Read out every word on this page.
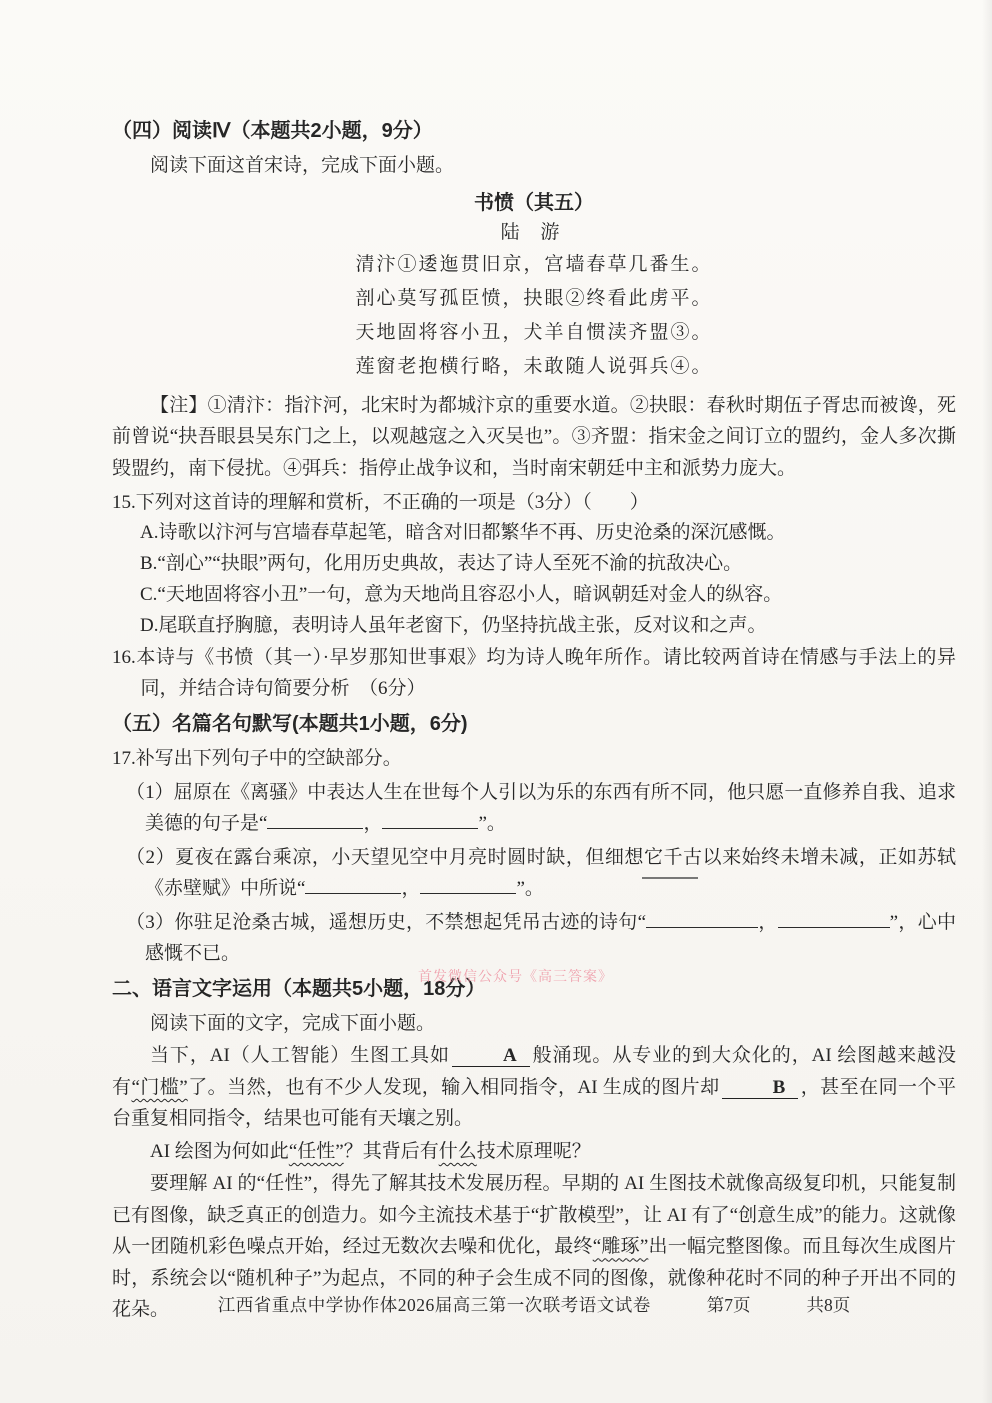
（四）阅读Ⅳ（本题共2小题，9分）

阅读下面这首宋诗，完成下面小题。

书愤（其五）
陆 游
清汴①逶迤贯旧京，宫墙春草几番生。
剖心莫写孤臣愤，抉眼②终看此虏平。
天地固将容小丑，犬羊自惯渎齐盟③。
莲窗老抱横行略，未敢随人说弭兵④。

【注】①清汴：指汴河，北宋时为都城汴京的重要水道。②抉眼：春秋时期伍子胥忠而被谗，死前曾说“抉吾眼县吴东门之上，以观越寇之入灭吴也”。③齐盟：指宋金之间订立的盟约，金人多次撕毁盟约，南下侵扰。④弭兵：指停止战争议和，当时南宋朝廷中主和派势力庞大。

15.下列对这首诗的理解和赏析，不正确的一项是（3分）（　　）

A.诗歌以汴河与宫墙春草起笔，暗含对旧都繁华不再、历史沧桑的深沉感慨。
B.“剖心”“抉眼”两句，化用历史典故，表达了诗人至死不渝的抗敌决心。
C.“天地固将容小丑”一句，意为天地尚且容忍小人，暗讽朝廷对金人的纵容。
D.尾联直抒胸臆，表明诗人虽年老窗下，仍坚持抗战主张，反对议和之声。

16.本诗与《书愤（其一）·早岁那知世事艰》均为诗人晚年所作。请比较两首诗在情感与手法上的异同，并结合诗句简要分析　（6分）

（五）名篇名句默写(本题共1小题，6分)

17.补写出下列句子中的空缺部分。

（1）屈原在《离骚》中表达人生在世每个人引以为乐的东西有所不同，他只愿一直修养自我、追求美德的句子是“	，	”。

（2）夏夜在露台乘凉，小天望见空中月亮时圆时缺，但细想它千古以来始终未增未减，正如苏轼《赤壁赋》中所说“	，	”。

（3）你驻足沧桑古城，遥想历史，不禁想起凭吊古迹的诗句“	，	”，心中感慨不已。

二、语言文字运用（本题共5小题，18分）

阅读下面的文字，完成下面小题。

当下，AI（人工智能）生图工具如	A 般涌现。从专业的到大众化的，AI 绘图越来越没有“门槛”了。当然，也有不少人发现，输入相同指令，AI 生成的图片却	B ，甚至在同一个平台重复相同指令，结果也可能有天壤之别。

AI 绘图为何如此“任性”？其背后有什么技术原理呢？

要理解 AI 的“任性”，得先了解其技术发展历程。早期的 AI 生图技术就像高级复印机，只能复制已有图像，缺乏真正的创造力。如今主流技术基于“扩散模型”，让 AI 有了“创意生成”的能力。这就像从一团随机彩色噪点开始，经过无数次去噪和优化，最终“雕琢”出一幅完整图像。而且每次生成图片时，系统会以“随机种子”为起点，不同的种子会生成不同的图像，就像种花时不同的种子开出不同的花朵。

首发微信公众号《高三答案》
江西省重点中学协作体2026届高三第一次联考语文试卷	第7页	共8页
